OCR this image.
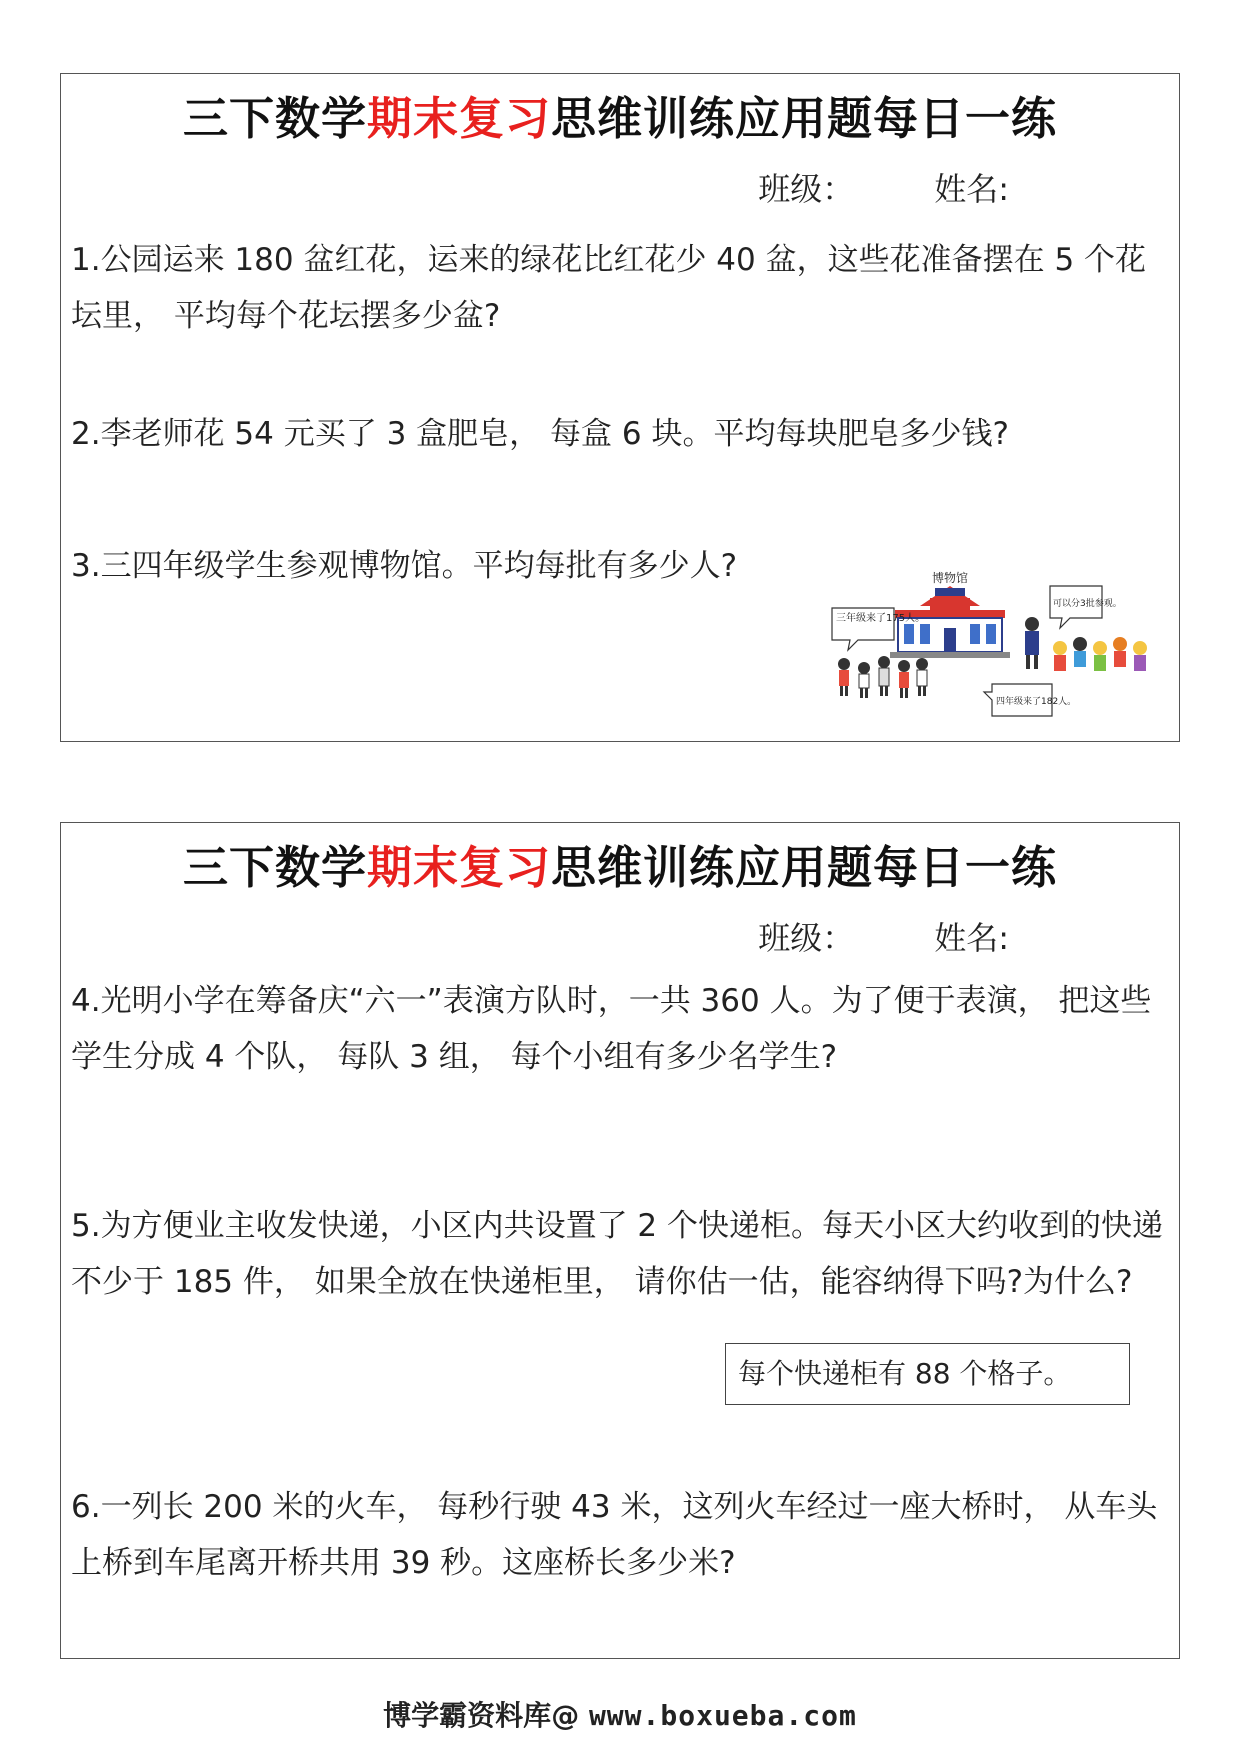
三下数学期末复习思维训练应用题每日一练
班级：	姓名:
1.公园运来 180 盆红花，运来的绿花比红花少 40 盆，这些花准备摆在 5 个花坛里， 平均每个花坛摆多少盆?
2.李老师花 54 元买了 3 盒肥皂， 每盒 6 块。平均每块肥皂多少钱?
3.三四年级学生参观博物馆。平均每批有多少人?	博物馆
三年级来了175人。
可以分3批参观。
四年级来了182人。
三下数学期末复习思维训练应用题每日一练
班级：	姓名:
4.光明小学在筹备庆“六一”表演方队时，一共 360 人。为了便于表演， 把这些学生分成 4 个队， 每队 3 组， 每个小组有多少名学生?
5.为方便业主收发快递，小区内共设置了 2 个快递柜。每天小区大约收到的快递不少于 185 件， 如果全放在快递柜里， 请你估一估，能容纳得下吗?为什么?
每个快递柜有 88 个格子。
6.一列长 200 米的火车， 每秒行驶 43 米，这列火车经过一座大桥时， 从车头上桥到车尾离开桥共用 39 秒。这座桥长多少米?
博学霸资料库@ www.boxueba.com
